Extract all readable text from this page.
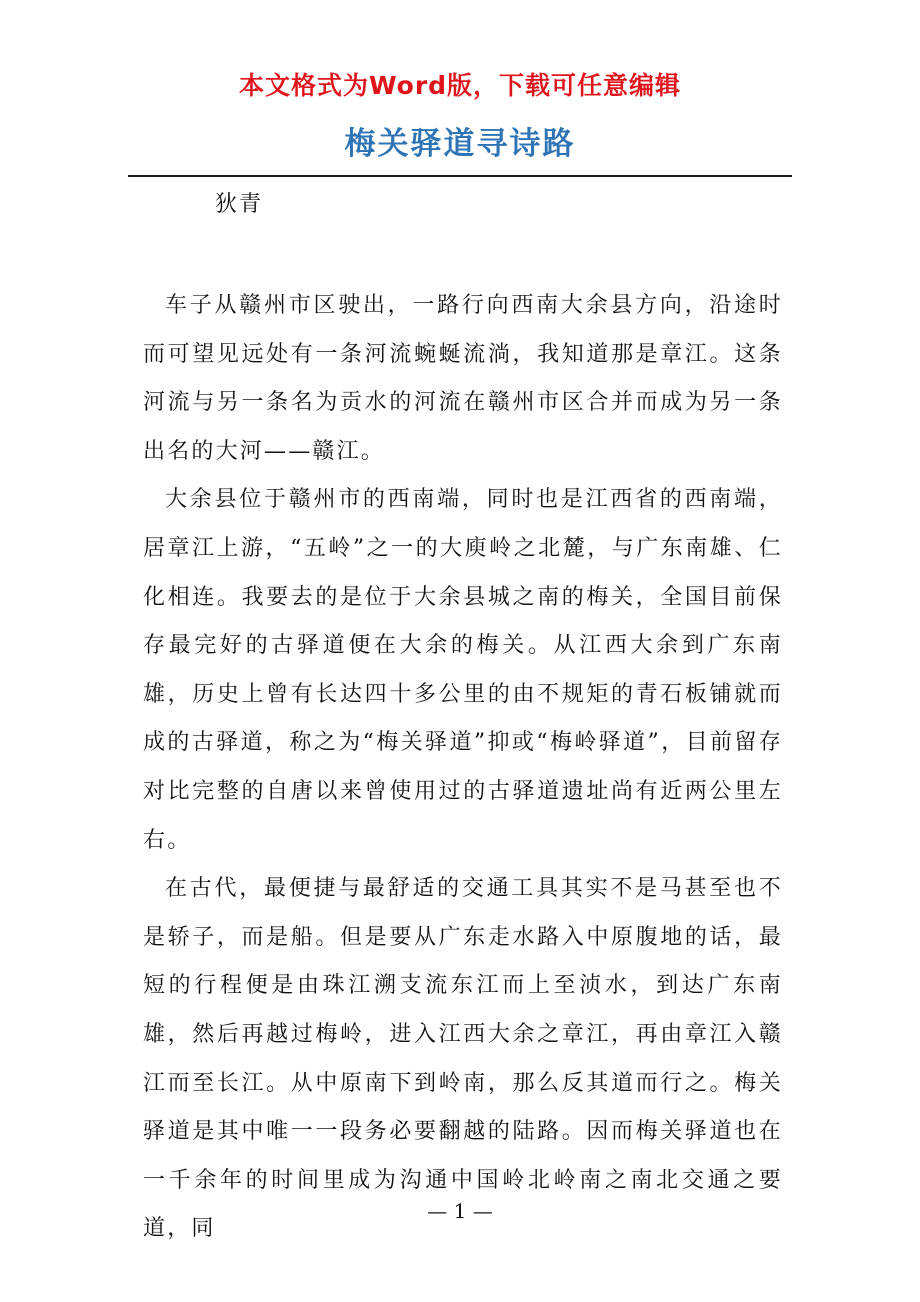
本文格式为Word版，下载可任意编辑
梅关驿道寻诗路
狄青

车子从赣州市区驶出，一路行向西南大余县方向，沿途时而可望见远处有一条河流蜿蜒流淌，我知道那是章江。这条河流与另一条名为贡水的河流在赣州市区合并而成为另一条出名的大河——赣江。

大余县位于赣州市的西南端，同时也是江西省的西南端，居章江上游，“五岭”之一的大庾岭之北麓，与广东南雄、仁化相连。我要去的是位于大余县城之南的梅关，全国目前保存最完好的古驿道便在大余的梅关。从江西大余到广东南雄，历史上曾有长达四十多公里的由不规矩的青石板铺就而成的古驿道，称之为“梅关驿道”抑或“梅岭驿道”，目前留存对比完整的自唐以来曾使用过的古驿道遗址尚有近两公里左右。

在古代，最便捷与最舒适的交通工具其实不是马甚至也不是轿子，而是船。但是要从广东走水路入中原腹地的话，最短的行程便是由珠江溯支流东江而上至浈水，到达广东南雄，然后再越过梅岭，进入江西大余之章江，再由章江入赣江而至长江。从中原南下到岭南，那么反其道而行之。梅关驿道是其中唯一一段务必要翻越的陆路。因而梅关驿道也在一千余年的时间里成为沟通中国岭北岭南之南北交通之要道，同

— 1 —
